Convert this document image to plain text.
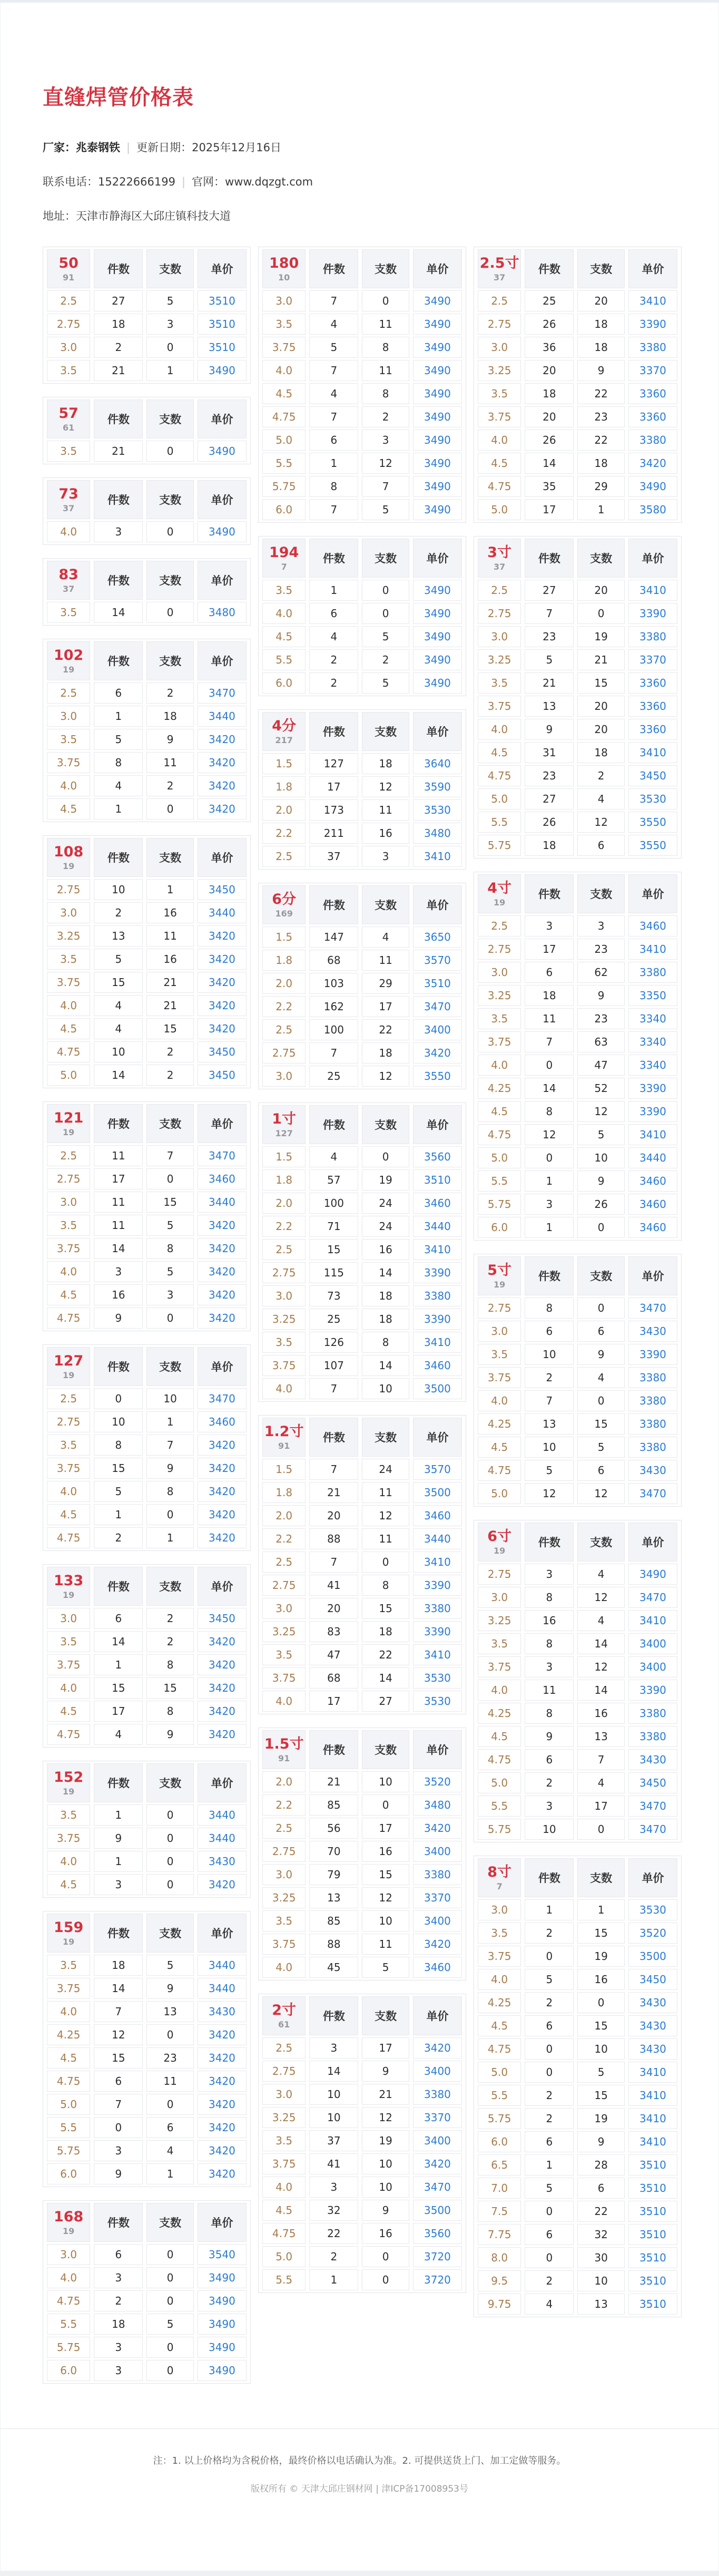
直缝焊管价格表
厂家：兆泰钢铁 | 更新日期：2025年12月16日
联系电话：15222666199 | 官网：www.dqzgt.com
地址：天津市静海区大邱庄镇科技大道
50
91	件数	支数	单价
2.5	27	5	3510
2.75	18	3	3510
3.0	2	0	3510
3.5	21	1	3490
57
61	件数	支数	单价
3.5	21	0	3490
73
37	件数	支数	单价
4.0	3	0	3490
83
37	件数	支数	单价
3.5	14	0	3480
102
19	件数	支数	单价
2.5	6	2	3470
3.0	1	18	3440
3.5	5	9	3420
3.75	8	11	3420
4.0	4	2	3420
4.5	1	0	3420
108
19	件数	支数	单价
2.75	10	1	3450
3.0	2	16	3440
3.25	13	11	3420
3.5	5	16	3420
3.75	15	21	3420
4.0	4	21	3420
4.5	4	15	3420
4.75	10	2	3450
5.0	14	2	3450
121
19	件数	支数	单价
2.5	11	7	3470
2.75	17	0	3460
3.0	11	15	3440
3.5	11	5	3420
3.75	14	8	3420
4.0	3	5	3420
4.5	16	3	3420
4.75	9	0	3420
127
19	件数	支数	单价
2.5	0	10	3470
2.75	10	1	3460
3.5	8	7	3420
3.75	15	9	3420
4.0	5	8	3420
4.5	1	0	3420
4.75	2	1	3420
133
19	件数	支数	单价
3.0	6	2	3450
3.5	14	2	3420
3.75	1	8	3420
4.0	15	15	3420
4.5	17	8	3420
4.75	4	9	3420
152
19	件数	支数	单价
3.5	1	0	3440
3.75	9	0	3440
4.0	1	0	3430
4.5	3	0	3420
159
19	件数	支数	单价
3.5	18	5	3440
3.75	14	9	3440
4.0	7	13	3430
4.25	12	0	3420
4.5	15	23	3420
4.75	6	11	3420
5.0	7	0	3420
5.5	0	6	3420
5.75	3	4	3420
6.0	9	1	3420
168
19	件数	支数	单价
3.0	6	0	3540
4.0	3	0	3490
4.75	2	0	3490
5.5	18	5	3490
5.75	3	0	3490
6.0	3	0	3490
180
10	件数	支数	单价
3.0	7	0	3490
3.5	4	11	3490
3.75	5	8	3490
4.0	7	11	3490
4.5	4	8	3490
4.75	7	2	3490
5.0	6	3	3490
5.5	1	12	3490
5.75	8	7	3490
6.0	7	5	3490
194
7	件数	支数	单价
3.5	1	0	3490
4.0	6	0	3490
4.5	4	5	3490
5.5	2	2	3490
6.0	2	5	3490
4分
217	件数	支数	单价
1.5	127	18	3640
1.8	17	12	3590
2.0	173	11	3530
2.2	211	16	3480
2.5	37	3	3410
6分
169	件数	支数	单价
1.5	147	4	3650
1.8	68	11	3570
2.0	103	29	3510
2.2	162	17	3470
2.5	100	22	3400
2.75	7	18	3420
3.0	25	12	3550
1寸
127	件数	支数	单价
1.5	4	0	3560
1.8	57	19	3510
2.0	100	24	3460
2.2	71	24	3440
2.5	15	16	3410
2.75	115	14	3390
3.0	73	18	3380
3.25	25	18	3390
3.5	126	8	3410
3.75	107	14	3460
4.0	7	10	3500
1.2寸
91	件数	支数	单价
1.5	7	24	3570
1.8	21	11	3500
2.0	20	12	3460
2.2	88	11	3440
2.5	7	0	3410
2.75	41	8	3390
3.0	20	15	3380
3.25	83	18	3390
3.5	47	22	3410
3.75	68	14	3530
4.0	17	27	3530
1.5寸
91	件数	支数	单价
2.0	21	10	3520
2.2	85	0	3480
2.5	56	17	3420
2.75	70	16	3400
3.0	79	15	3380
3.25	13	12	3370
3.5	85	10	3400
3.75	88	11	3420
4.0	45	5	3460
2寸
61	件数	支数	单价
2.5	3	17	3420
2.75	14	9	3400
3.0	10	21	3380
3.25	10	12	3370
3.5	37	19	3400
3.75	41	10	3420
4.0	3	10	3470
4.5	32	9	3500
4.75	22	16	3560
5.0	2	0	3720
5.5	1	0	3720
2.5寸
37	件数	支数	单价
2.5	25	20	3410
2.75	26	18	3390
3.0	36	18	3380
3.25	20	9	3370
3.5	18	22	3360
3.75	20	23	3360
4.0	26	22	3380
4.5	14	18	3420
4.75	35	29	3490
5.0	17	1	3580
3寸
37	件数	支数	单价
2.5	27	20	3410
2.75	7	0	3390
3.0	23	19	3380
3.25	5	21	3370
3.5	21	15	3360
3.75	13	20	3360
4.0	9	20	3360
4.5	31	18	3410
4.75	23	2	3450
5.0	27	4	3530
5.5	26	12	3550
5.75	18	6	3550
4寸
19	件数	支数	单价
2.5	3	3	3460
2.75	17	23	3410
3.0	6	62	3380
3.25	18	9	3350
3.5	11	23	3340
3.75	7	63	3340
4.0	0	47	3340
4.25	14	52	3390
4.5	8	12	3390
4.75	12	5	3410
5.0	0	10	3440
5.5	1	9	3460
5.75	3	26	3460
6.0	1	0	3460
5寸
19	件数	支数	单价
2.75	8	0	3470
3.0	6	6	3430
3.5	10	9	3390
3.75	2	4	3380
4.0	7	0	3380
4.25	13	15	3380
4.5	10	5	3380
4.75	5	6	3430
5.0	12	12	3470
6寸
19	件数	支数	单价
2.75	3	4	3490
3.0	8	12	3470
3.25	16	4	3410
3.5	8	14	3400
3.75	3	12	3400
4.0	11	14	3390
4.25	8	16	3380
4.5	9	13	3380
4.75	6	7	3430
5.0	2	4	3450
5.5	3	17	3470
5.75	10	0	3470
8寸
7	件数	支数	单价
3.0	1	1	3530
3.5	2	15	3520
3.75	0	19	3500
4.0	5	16	3450
4.25	2	0	3430
4.5	6	15	3430
4.75	0	10	3430
5.0	0	5	3410
5.5	2	15	3410
5.75	2	19	3410
6.0	6	9	3410
6.5	1	28	3510
7.0	5	6	3510
7.5	0	22	3510
7.75	6	32	3510
8.0	0	30	3510
9.5	2	10	3510
9.75	4	13	3510
注：1. 以上价格均为含税价格，最终价格以电话确认为准。2. 可提供送货上门、加工定做等服务。
版权所有 © 天津大邱庄钢材网 | 津ICP备17008953号
